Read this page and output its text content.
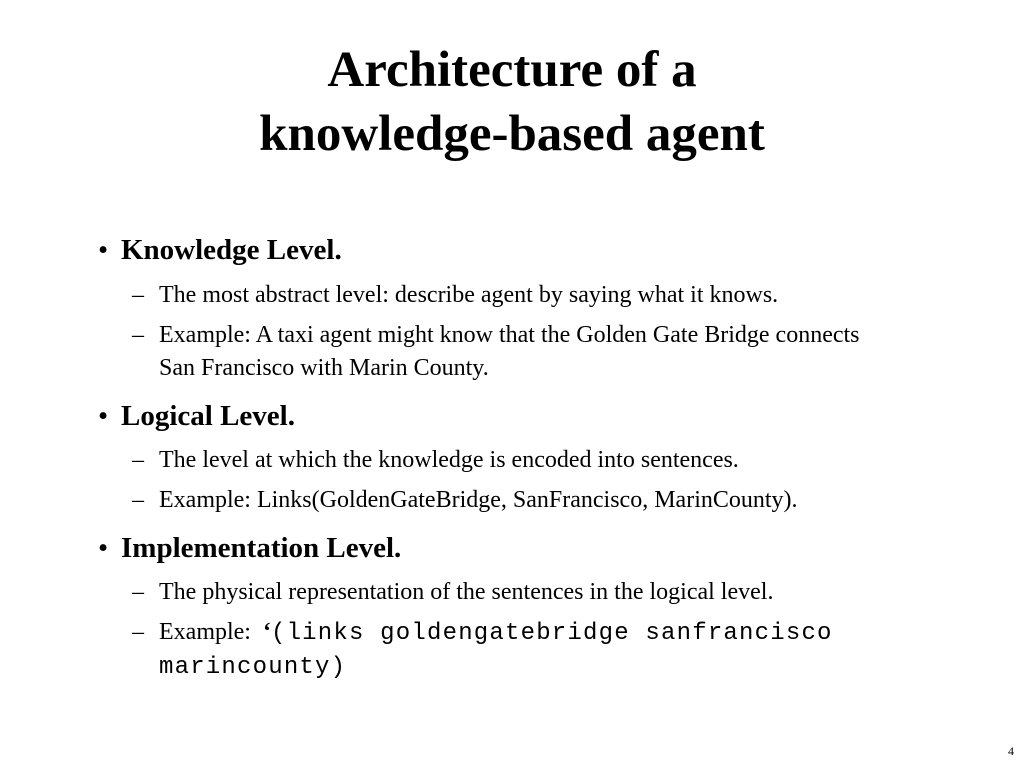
Architecture of a
knowledge-based agent
• Knowledge Level.
– The most abstract level: describe agent by saying what it knows.
– Example: A taxi agent might know that the Golden Gate Bridge connects San Francisco with Marin County.
• Logical Level.
– The level at which the knowledge is encoded into sentences.
– Example: Links(GoldenGateBridge, SanFrancisco, MarinCounty).
• Implementation Level.
– The physical representation of the sentences in the logical level.
– Example: ‘(links goldengatebridge sanfrancisco marincounty)
4
